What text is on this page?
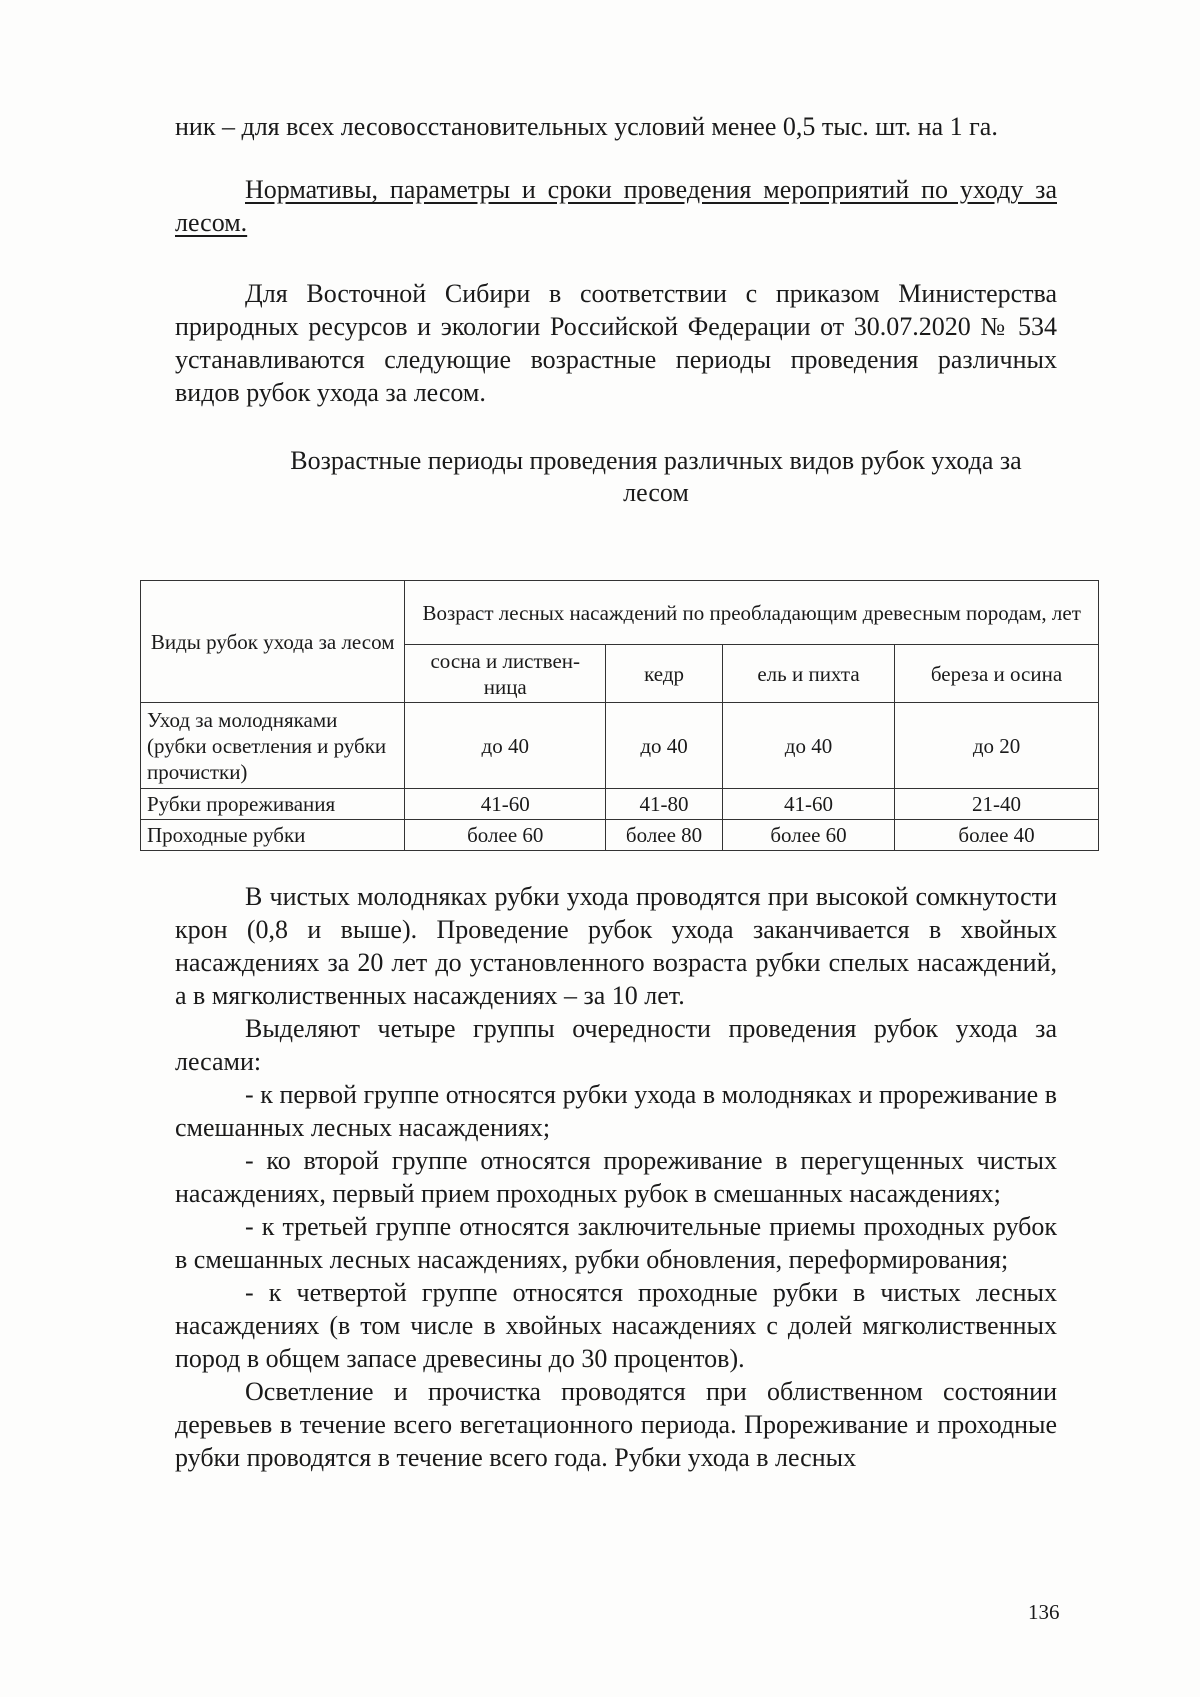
ник – для всех лесовосстановительных условий менее 0,5 тыс. шт. на 1 га.

Нормативы, параметры и сроки проведения мероприятий по уходу за лесом.

Для Восточной Сибири в соответствии с приказом Министерства природных ресурсов и экологии Российской Федерации от 30.07.2020 № 534 устанавливаются следующие возрастные периоды проведения различных видов рубок ухода за лесом.

Возрастные периоды проведения различных видов рубок ухода за лесом
Виды рубок ухода за лесом	Возраст лесных насаждений по преобладающим древесным породам, лет			
	сосна и листвен-ница	кедр	ель и пихта	береза и осина
Уход за молодняками (рубки осветления и рубки прочистки)	до 40	до 40	до 40	до 20
Рубки прореживания	41-60	41-80	41-60	21-40
Проходные рубки	более 60	более 80	более 60	более 40

В чистых молодняках рубки ухода проводятся при высокой сомкнутости крон (0,8 и выше). Проведение рубок ухода заканчивается в хвойных насаждениях за 20 лет до установленного возраста рубки спелых насаждений, а в мягколиственных насаждениях – за 10 лет.

Выделяют четыре группы очередности проведения рубок ухода за лесами:

- к первой группе относятся рубки ухода в молодняках и прореживание в смешанных лесных насаждениях;

- ко второй группе относятся прореживание в перегущенных чистых насаждениях, первый прием проходных рубок в смешанных насаждениях;

- к третьей группе относятся заключительные приемы проходных рубок в смешанных лесных насаждениях, рубки обновления, переформирования;

- к четвертой группе относятся проходные рубки в чистых лесных насаждениях (в том числе в хвойных насаждениях с долей мягколиственных пород в общем запасе древесины до 30 процентов).

Осветление и прочистка проводятся при облиственном состоянии деревьев в течение всего вегетационного периода. Прореживание и проходные рубки проводятся в течение всего года. Рубки ухода в лесных

136
